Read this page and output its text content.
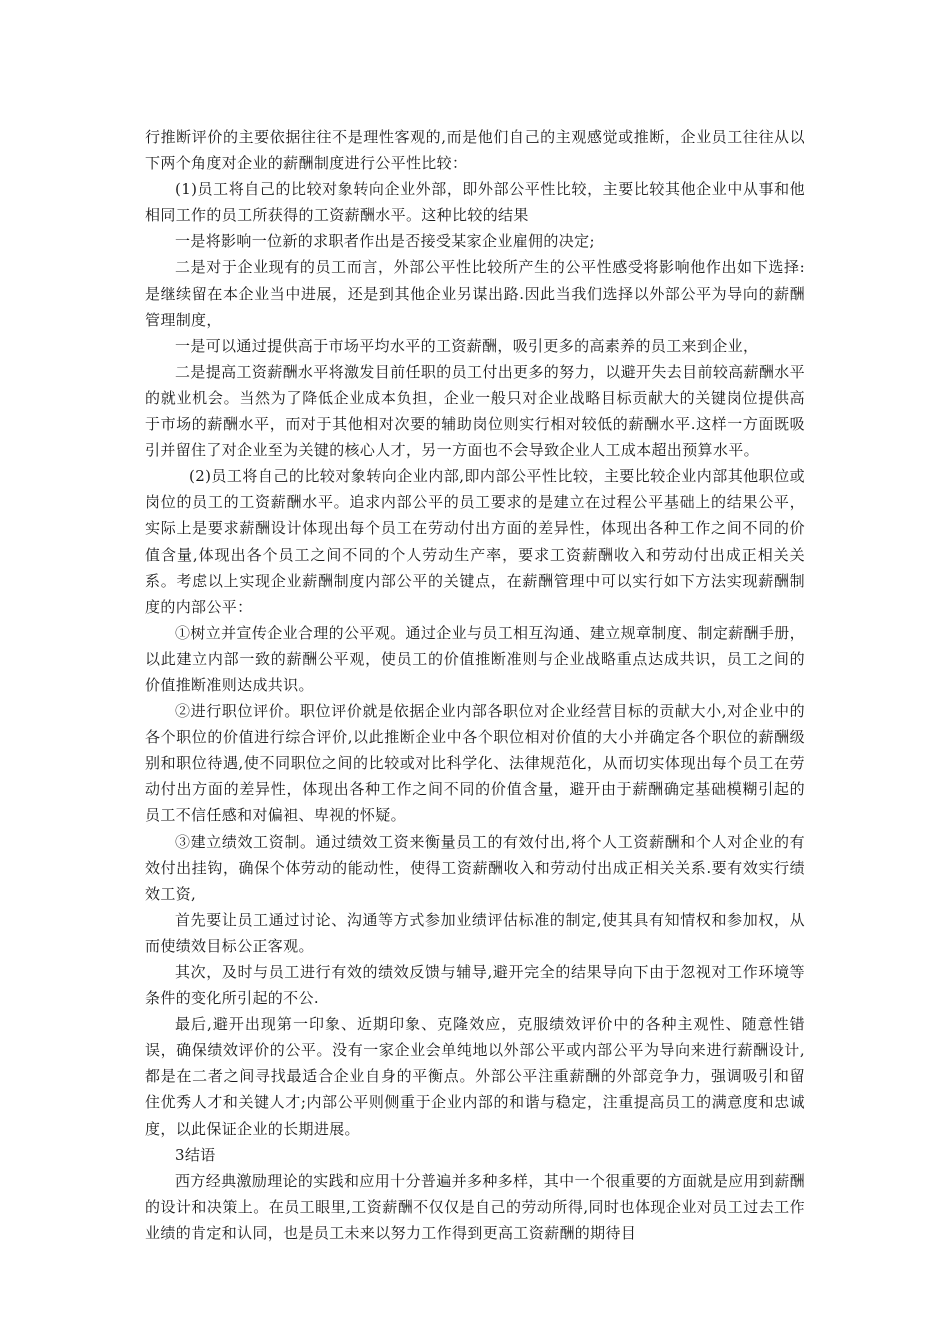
行推断评价的主要依据往往不是理性客观的,而是他们自己的主观感觉或推断，企业员工往往从以下两个角度对企业的薪酬制度进行公平性比较：

(1)员工将自己的比较对象转向企业外部，即外部公平性比较，主要比较其他企业中从事和他相同工作的员工所获得的工资薪酬水平。这种比较的结果

一是将影响一位新的求职者作出是否接受某家企业雇佣的决定;

二是对于企业现有的员工而言，外部公平性比较所产生的公平性感受将影响他作出如下选择:是继续留在本企业当中进展，还是到其他企业另谋出路.因此当我们选择以外部公平为导向的薪酬管理制度，

一是可以通过提供高于市场平均水平的工资薪酬，吸引更多的高素养的员工来到企业，

二是提高工资薪酬水平将激发目前任职的员工付出更多的努力，以避开失去目前较高薪酬水平的就业机会。当然为了降低企业成本负担，企业一般只对企业战略目标贡献大的关键岗位提供高于市场的薪酬水平，而对于其他相对次要的辅助岗位则实行相对较低的薪酬水平.这样一方面既吸引并留住了对企业至为关键的核心人才，另一方面也不会导致企业人工成本超出预算水平。

(2)员工将自己的比较对象转向企业内部,即内部公平性比较，主要比较企业内部其他职位或岗位的员工的工资薪酬水平。追求内部公平的员工要求的是建立在过程公平基础上的结果公平，实际上是要求薪酬设计体现出每个员工在劳动付出方面的差异性，体现出各种工作之间不同的价值含量,体现出各个员工之间不同的个人劳动生产率，要求工资薪酬收入和劳动付出成正相关关系。考虑以上实现企业薪酬制度内部公平的关键点，在薪酬管理中可以实行如下方法实现薪酬制度的内部公平：

①树立并宣传企业合理的公平观。通过企业与员工相互沟通、建立规章制度、制定薪酬手册，以此建立内部一致的薪酬公平观，使员工的价值推断准则与企业战略重点达成共识，员工之间的价值推断准则达成共识。

②进行职位评价。职位评价就是依据企业内部各职位对企业经营目标的贡献大小,对企业中的各个职位的价值进行综合评价,以此推断企业中各个职位相对价值的大小并确定各个职位的薪酬级别和职位待遇,使不同职位之间的比较或对比科学化、法律规范化，从而切实体现出每个员工在劳动付出方面的差异性，体现出各种工作之间不同的价值含量，避开由于薪酬确定基础模糊引起的员工不信任感和对偏袒、卑视的怀疑。

③建立绩效工资制。通过绩效工资来衡量员工的有效付出,将个人工资薪酬和个人对企业的有效付出挂钩，确保个体劳动的能动性，使得工资薪酬收入和劳动付出成正相关关系.要有效实行绩效工资,

首先要让员工通过讨论、沟通等方式参加业绩评估标准的制定,使其具有知情权和参加权，从而使绩效目标公正客观。

其次，及时与员工进行有效的绩效反馈与辅导,避开完全的结果导向下由于忽视对工作环境等条件的变化所引起的不公.

最后,避开出现第一印象、近期印象、克隆效应，克服绩效评价中的各种主观性、随意性错误，确保绩效评价的公平。没有一家企业会单纯地以外部公平或内部公平为导向来进行薪酬设计,都是在二者之间寻找最适合企业自身的平衡点。外部公平注重薪酬的外部竞争力，强调吸引和留住优秀人才和关键人才;内部公平则侧重于企业内部的和谐与稳定，注重提高员工的满意度和忠诚度，以此保证企业的长期进展。

3结语

西方经典激励理论的实践和应用十分普遍并多种多样，其中一个很重要的方面就是应用到薪酬的设计和决策上。在员工眼里,工资薪酬不仅仅是自己的劳动所得,同时也体现企业对员工过去工作业绩的肯定和认同，也是员工未来以努力工作得到更高工资薪酬的期待目
